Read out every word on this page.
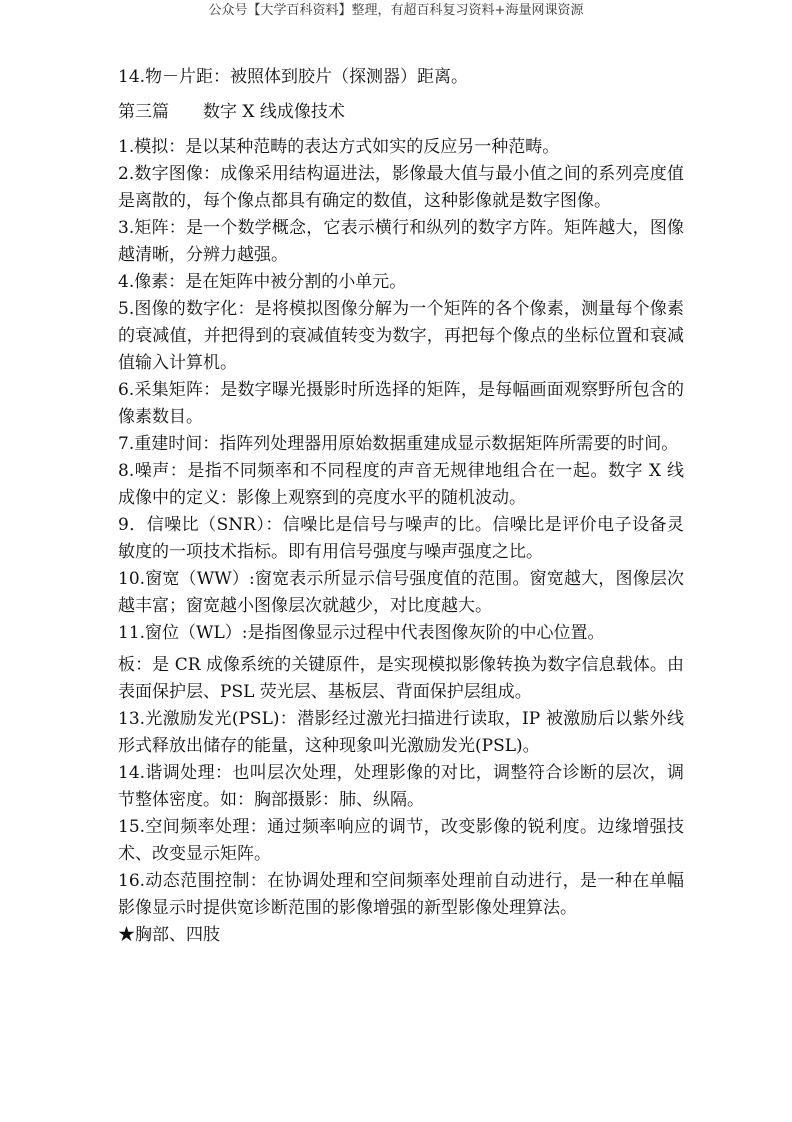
公众号【大学百科资料】整理，有超百科复习资料+海量网课资源

14.物－片距：被照体到胶片（探测器）距离。

第三篇　　数字 X 线成像技术

1.模拟：是以某种范畴的表达方式如实的反应另一种范畴。

2.数字图像：成像采用结构逼进法，影像最大值与最小值之间的系列亮度值是离散的，每个像点都具有确定的数值，这种影像就是数字图像。

3.矩阵：是一个数学概念，它表示横行和纵列的数字方阵。矩阵越大，图像越清晰，分辨力越强。

4.像素：是在矩阵中被分割的小单元。

5.图像的数字化：是将模拟图像分解为一个矩阵的各个像素，测量每个像素的衰减值，并把得到的衰减值转变为数字，再把每个像点的坐标位置和衰减值输入计算机。

6.采集矩阵：是数字曝光摄影时所选择的矩阵，是每幅画面观察野所包含的像素数目。

7.重建时间：指阵列处理器用原始数据重建成显示数据矩阵所需要的时间。

8.噪声：是指不同频率和不同程度的声音无规律地组合在一起。数字 X 线成像中的定义：影像上观察到的亮度水平的随机波动。

9．信噪比（SNR）：信噪比是信号与噪声的比。信噪比是评价电子设备灵敏度的一项技术指标。即有用信号强度与噪声强度之比。

10.窗宽（WW）:窗宽表示所显示信号强度值的范围。窗宽越大，图像层次越丰富；窗宽越小图像层次就越少，对比度越大。

11.窗位（WL）:是指图像显示过程中代表图像灰阶的中心位置。

板：是 CR 成像系统的关键原件，是实现模拟影像转换为数字信息载体。由表面保护层、PSL 荧光层、基板层、背面保护层组成。

13.光激励发光(PSL)：潜影经过激光扫描进行读取，IP 被激励后以紫外线形式释放出储存的能量，这种现象叫光激励发光(PSL)。

14.谐调处理：也叫层次处理，处理影像的对比，调整符合诊断的层次，调节整体密度。如：胸部摄影：肺、纵隔。

15.空间频率处理：通过频率响应的调节，改变影像的锐利度。边缘增强技术、改变显示矩阵。

16.动态范围控制：在协调处理和空间频率处理前自动进行，是一种在单幅影像显示时提供宽诊断范围的影像增强的新型影像处理算法。

★胸部、四肢
